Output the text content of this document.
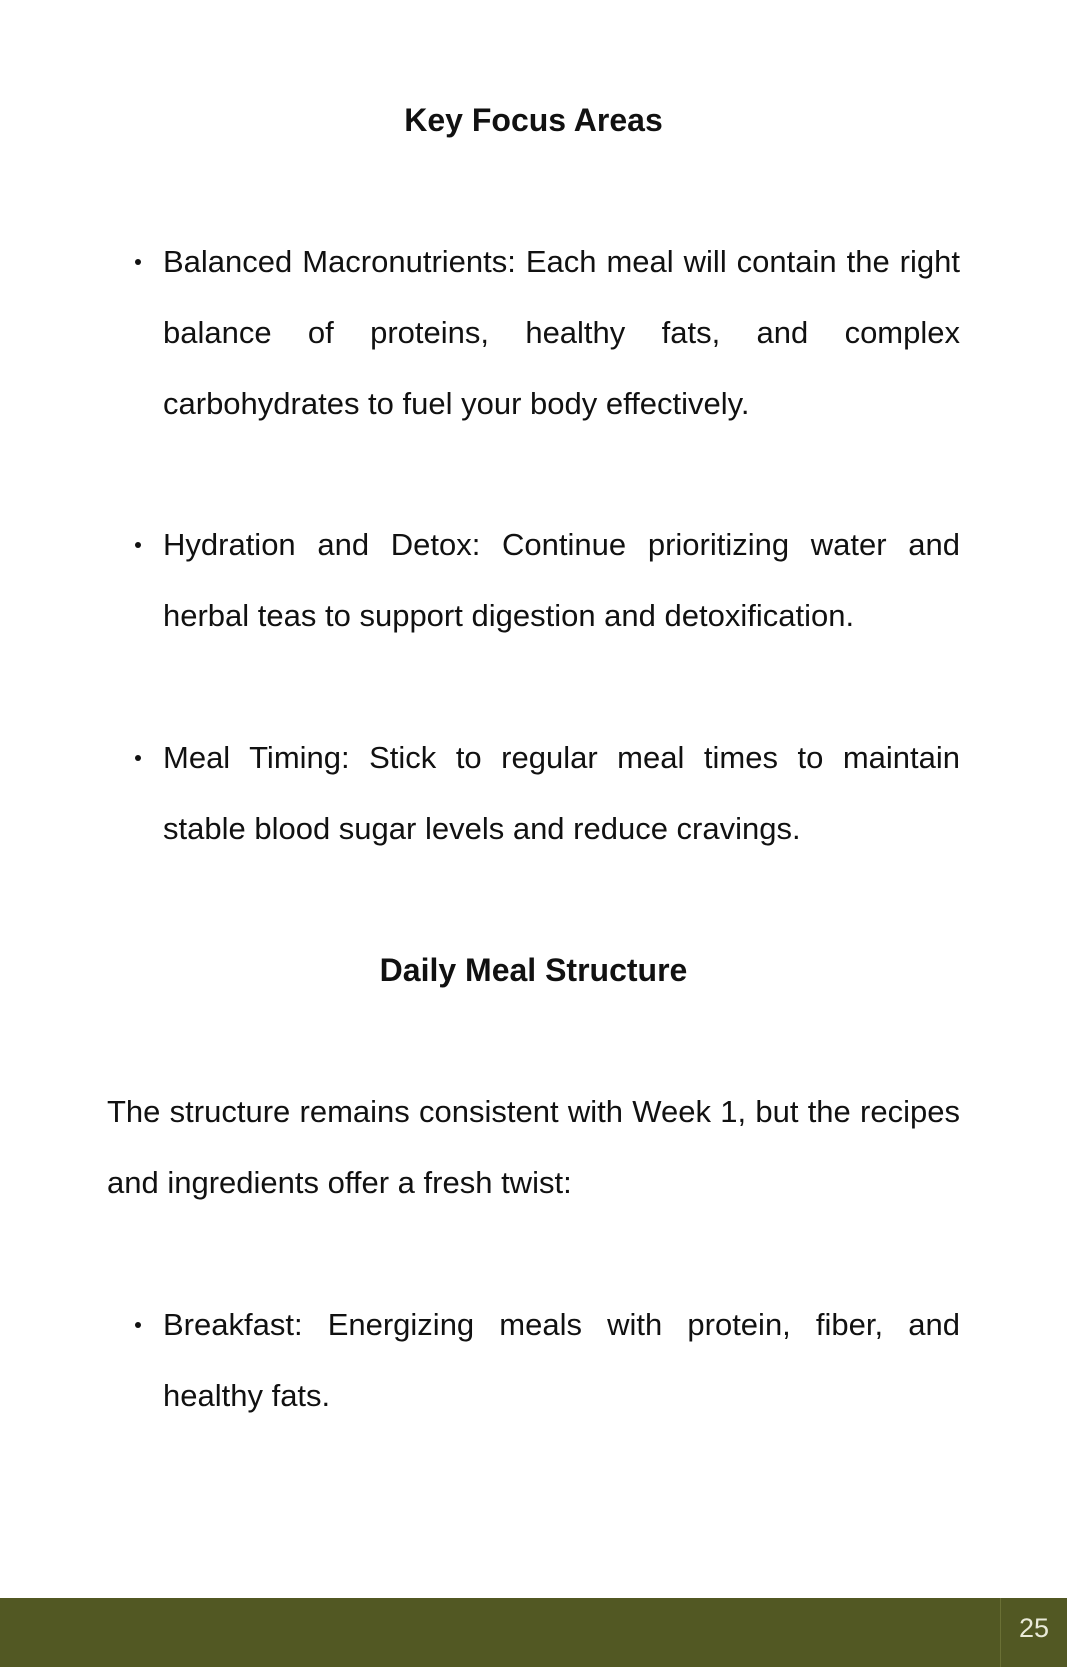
Key Focus Areas
Balanced Macronutrients: Each meal will contain the right balance of proteins, healthy fats, and complex carbohydrates to fuel your body effectively.
Hydration and Detox: Continue prioritizing water and herbal teas to support digestion and detoxification.
Meal Timing: Stick to regular meal times to maintain stable blood sugar levels and reduce cravings.
Daily Meal Structure

The structure remains consistent with Week 1, but the recipes and ingredients offer a fresh twist:

Breakfast: Energizing meals with protein, fiber, and healthy fats.
25
